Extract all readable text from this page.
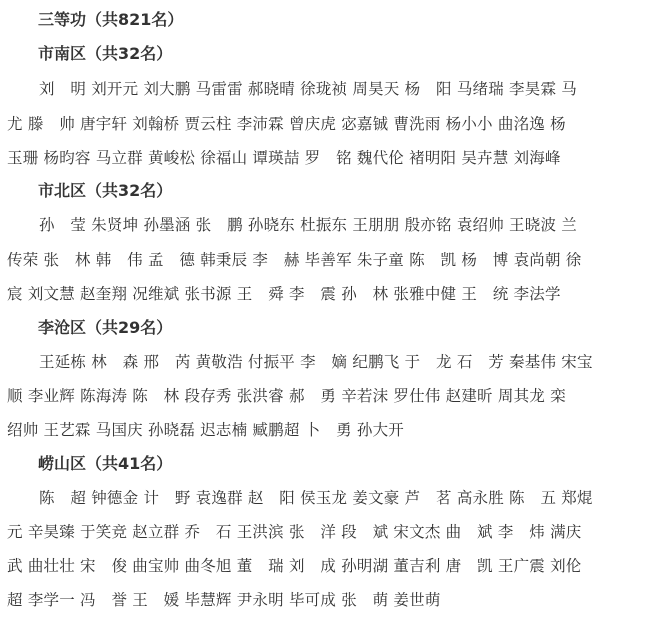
三等功（共821名）
市南区（共32名）
刘　明 刘开元 刘大鹏 马雷雷 郝晓晴 徐珑祯 周昊天 杨　阳 马绪瑞 李昊霖 马
尤 滕　帅 唐宇轩 刘翰桥 贾云柱 李沛霖 曾庆虎 宓嘉铖 曹洗雨 杨小小 曲洺逸 杨
玉珊 杨昀容 马立群 黄峻松 徐福山 谭瑛喆 罗　铭 魏代伦 褚明阳 吴卉慧 刘海峰
市北区（共32名）
孙　莹 朱贤坤 孙墨涵 张　鹏 孙晓东 杜振东 王朋朋 殷亦铭 袁绍帅 王晓波 兰
传荣 张　林 韩　伟 孟　德 韩秉辰 李　赫 毕善军 朱子童 陈　凯 杨　博 袁尚朝 徐
宸 刘文慧 赵奎翔 况维斌 张书源 王　舜 李　震 孙　林 张雅中健 王　统 李法学
李沧区（共29名）
王延栋 林　森 邢　芮 黄敬浩 付振平 李　嫡 纪鹏飞 于　龙 石　芳 秦基伟 宋宝
顺 李业辉 陈海涛 陈　林 段存秀 张洪睿 郝　勇 辛若沫 罗仕伟 赵建昕 周其龙 栾
绍帅 王艺霖 马国庆 孙晓磊 迟志楠 臧鹏超 卜　勇 孙大开
崂山区（共41名）
陈　超 钟德金 计　野 袁逸群 赵　阳 侯玉龙 姜文豪 芦　茗 高永胜 陈　五 郑焜
元 辛昊臻 于笑竞 赵立群 乔　石 王洪滨 张　洋 段　斌 宋文杰 曲　斌 李　炜 满庆
武 曲壮壮 宋　俊 曲宝帅 曲冬旭 董　瑞 刘　成 孙明湖 董吉利 唐　凯 王广震 刘伦
超 李学一 冯　誉 王　媛 毕慧辉 尹永明 毕可成 张　萌 姜世萌
